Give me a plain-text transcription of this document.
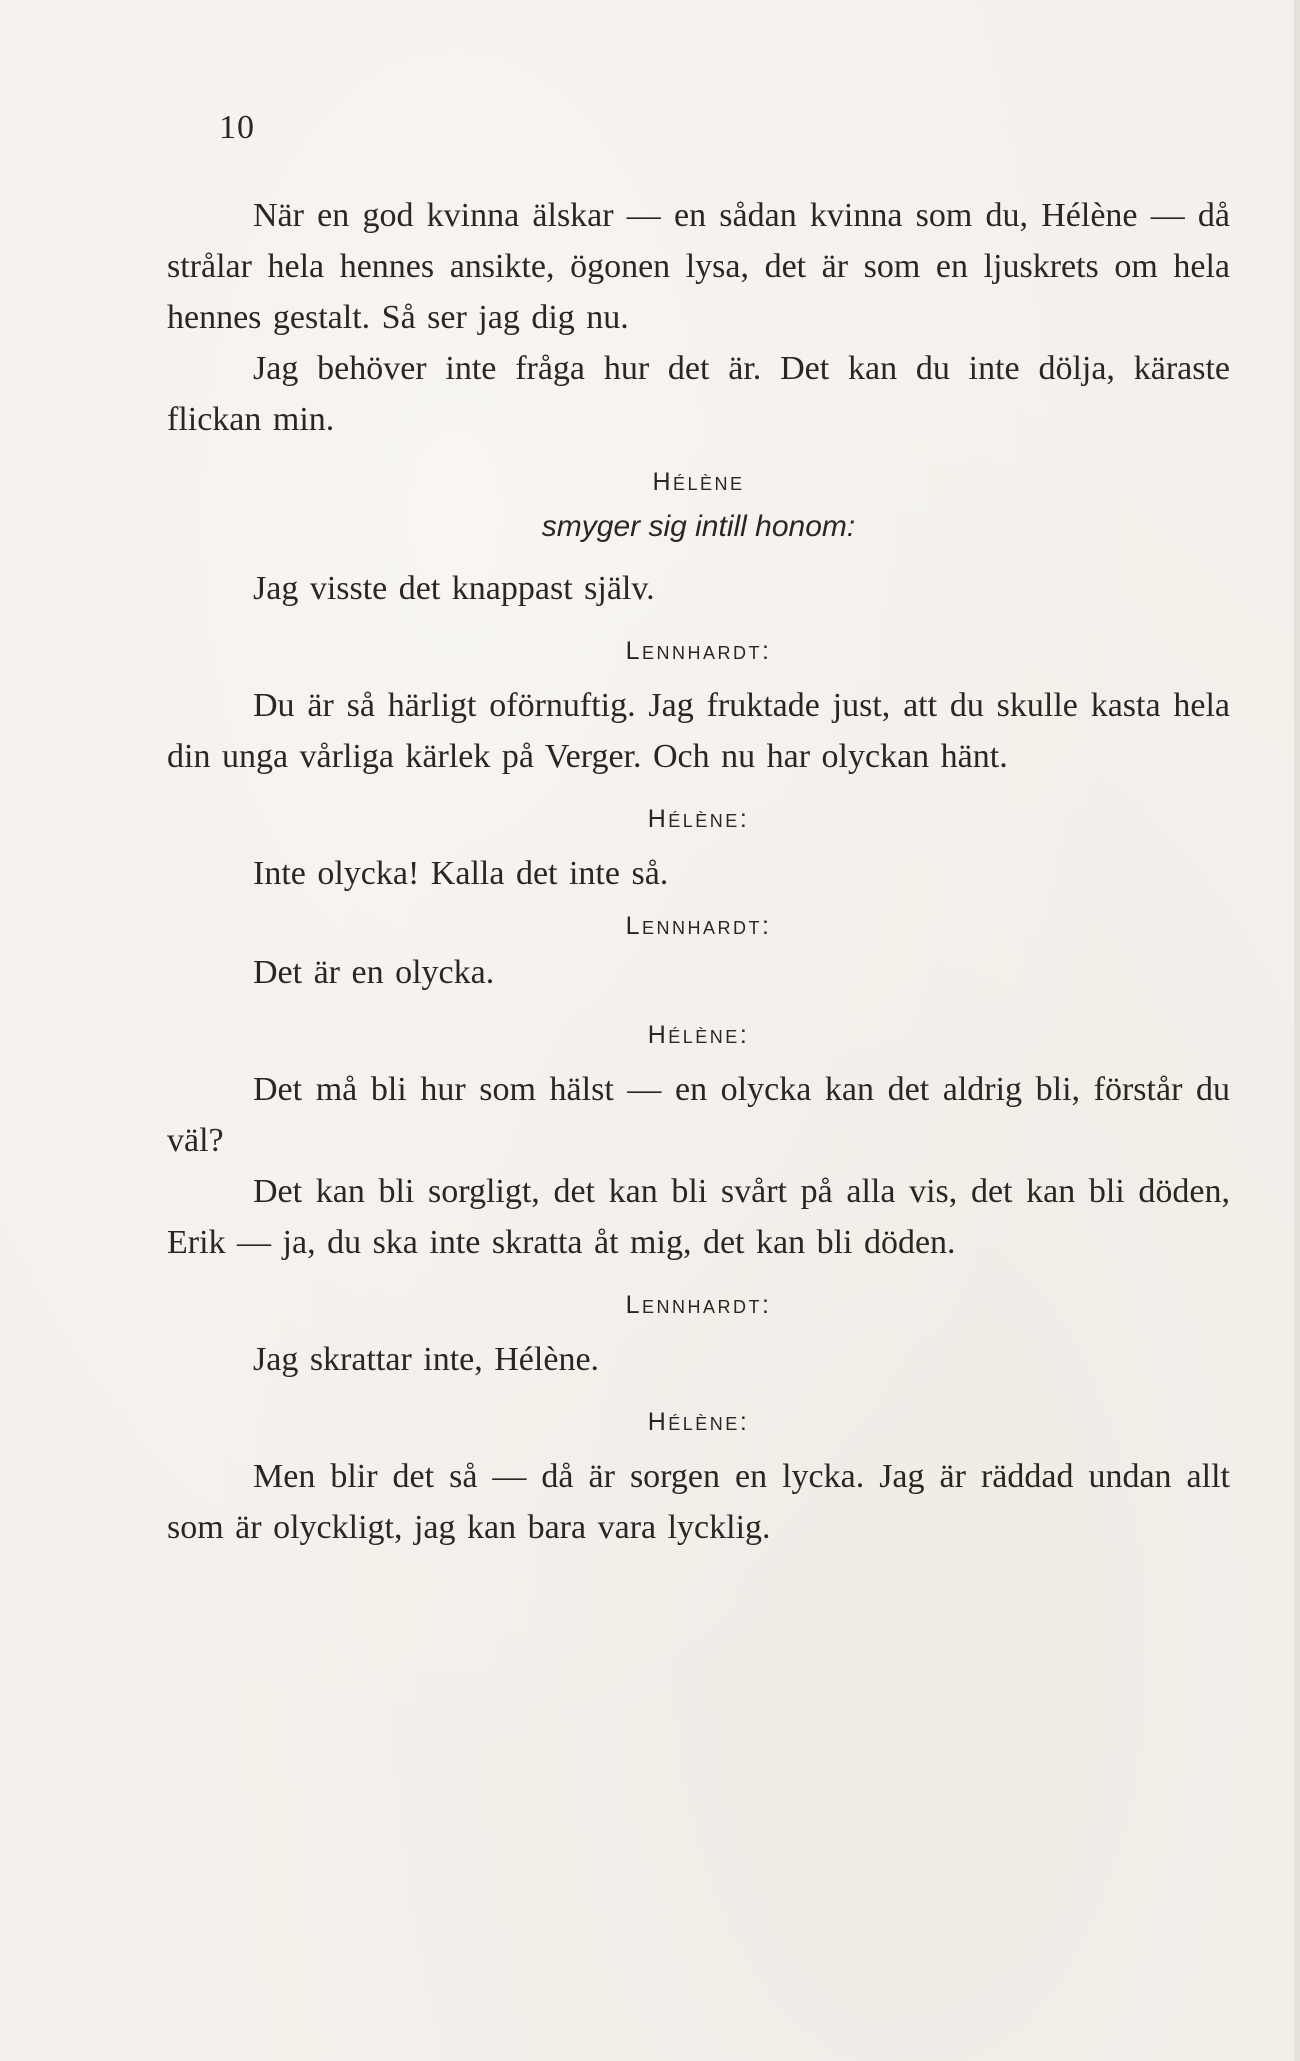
10

När en god kvinna älskar — en sådan kvinna som du, Hélène — då strålar hela hennes ansikte, ögonen lysa, det är som en ljuskrets om hela hennes gestalt. Så ser jag dig nu.

Jag behöver inte fråga hur det är. Det kan du inte dölja, käraste flickan min.

Hélène
smyger sig intill honom:

Jag visste det knappast själv.

Lennhardt:

Du är så härligt oförnuftig. Jag fruktade just, att du skulle kasta hela din unga vårliga kärlek på Verger. Och nu har olyckan hänt.

Hélène:

Inte olycka! Kalla det inte så.

Lennhardt:

Det är en olycka.

Hélène:

Det må bli hur som hälst — en olycka kan det aldrig bli, förstår du väl?

Det kan bli sorgligt, det kan bli svårt på alla vis, det kan bli döden, Erik — ja, du ska inte skratta åt mig, det kan bli döden.

Lennhardt:

Jag skrattar inte, Hélène.

Hélène:

Men blir det så — då är sorgen en lycka. Jag är räddad undan allt som är olyckligt, jag kan bara vara lycklig.
